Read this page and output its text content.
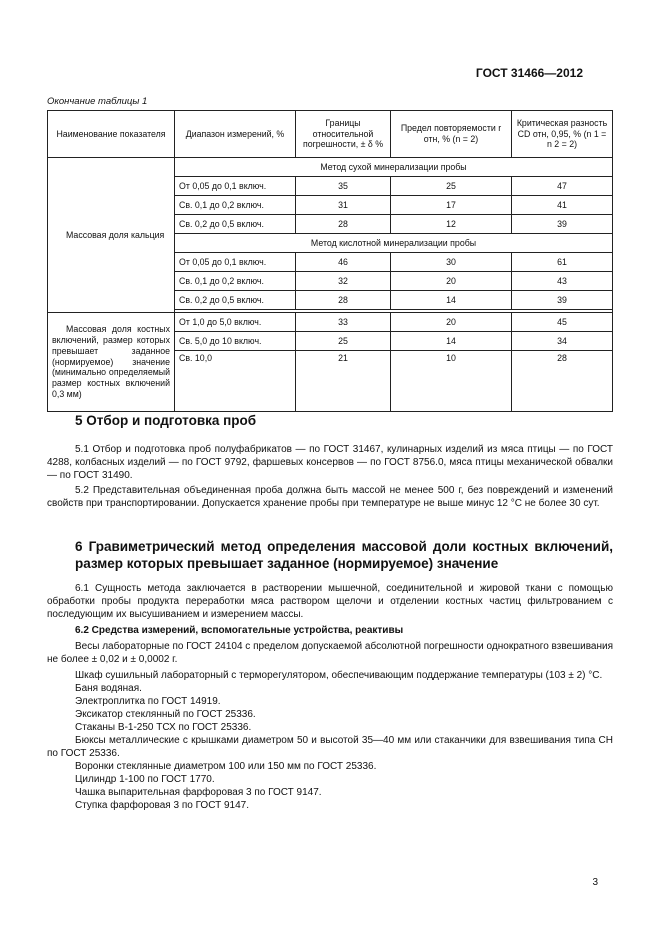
ГОСТ 31466—2012
Окончание таблицы 1
Наименование показателя	Диапазон измерений, %	Границы относительной погрешности, ± δ %	Предел повторяемости r отн, % (n = 2)	Критическая разность CD отн, 0,95, % (n 1 = n 2 = 2)

Массовая доля кальция	Метод сухой минерализации пробы			
	От 0,05 до 0,1 включ.	35	25	47
	Св. 0,1 до 0,2 включ.	31	17	41
	Св. 0,2 до 0,5 включ.	28	12	39
	Метод кислотной минерализации пробы			
	От 0,05 до 0,1 включ.	46	30	61
	Св. 0,1 до 0,2 включ.	32	20	43
	Св. 0,2 до 0,5 включ.	28	14	39

Массовая доля костных включений, размер которых превышает заданное (нормируемое) значение (минимально определяемый размер костных включений 0,3 мм)	От 1,0 до 5,0 включ.	33	20	45
	Св. 5,0 до 10 включ.	25	14	34
	Св. 10,0	21	10	28

5 Отбор и подготовка проб

5.1 Отбор и подготовка проб полуфабрикатов — по ГОСТ 31467, кулинарных изделий из мяса птицы — по ГОСТ 4288, колбасных изделий — по ГОСТ 9792, фаршевых консервов — по ГОСТ 8756.0, мяса птицы механической обвалки — по ГОСТ 31490.

5.2 Представительная объединенная проба должна быть массой не менее 500 г, без повреждений и изменений свойств при транспортировании. Допускается хранение пробы при температуре не выше минус 12 °С не более 30 сут.

6 Гравиметрический метод определения массовой доли костных включений, размер которых превышает заданное (нормируемое) значение

6.1 Сущность метода заключается в растворении мышечной, соединительной и жировой ткани с помощью обработки пробы продукта переработки мяса раствором щелочи и отделении костных частиц фильтрованием с последующим их высушиванием и измерением массы.

6.2 Средства измерений, вспомогательные устройства, реактивы

Весы лабораторные по ГОСТ 24104 с пределом допускаемой абсолютной погрешности однократного взвешивания не более ± 0,02 и ± 0,0002 г.

Шкаф сушильный лабораторный с терморегулятором, обеспечивающим поддержание температуры (103 ± 2) °С.

Баня водяная.

Электроплитка по ГОСТ 14919.

Эксикатор стеклянный по ГОСТ 25336.

Стаканы В-1-250 ТСХ по ГОСТ 25336.

Бюксы металлические с крышками диаметром 50 и высотой 35—40 мм или стаканчики для взвешивания типа СН по ГОСТ 25336.

Воронки стеклянные диаметром 100 или 150 мм по ГОСТ 25336.

Цилиндр 1-100 по ГОСТ 1770.

Чашка выпарительная фарфоровая 3 по ГОСТ 9147.

Ступка фарфоровая 3 по ГОСТ 9147.

3
